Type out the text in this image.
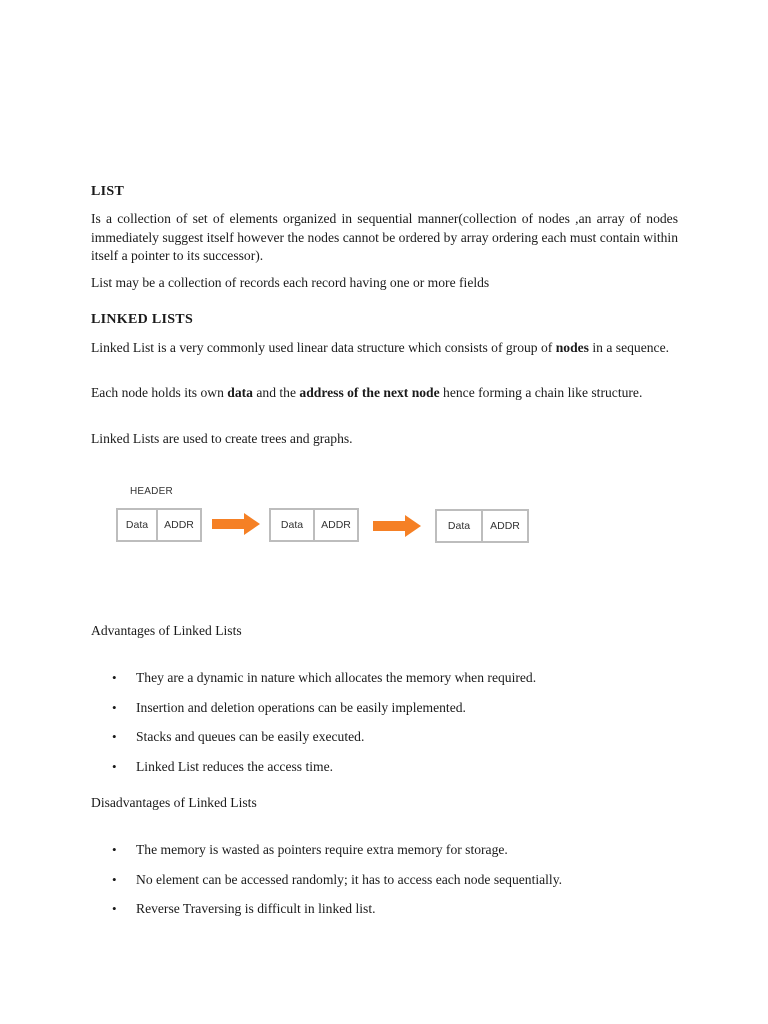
LIST

Is a collection of set of elements organized in sequential manner(collection of nodes ,an array of nodes immediately suggest itself however the nodes cannot be ordered by array ordering each must contain within itself a pointer to its successor).

List may be a collection of records each record having one or more fields

LINKED LISTS

Linked List is a very commonly used linear data structure which consists of group of nodes in a sequence.

Each node holds its own data and the address of the next node hence forming a chain like structure.

Linked Lists are used to create trees and graphs.

Advantages of Linked Lists

• They are a dynamic in nature which allocates the memory when required.
• Insertion and deletion operations can be easily implemented.
• Stacks and queues can be easily executed.
• Linked List reduces the access time.

Disadvantages of Linked Lists

• The memory is wasted as pointers require extra memory for storage.
• No element can be accessed randomly; it has to access each node sequentially.
• Reverse Traversing is difficult in linked list.
HEADER
Data	ADDR	Data	ADDR	Data	ADDR
